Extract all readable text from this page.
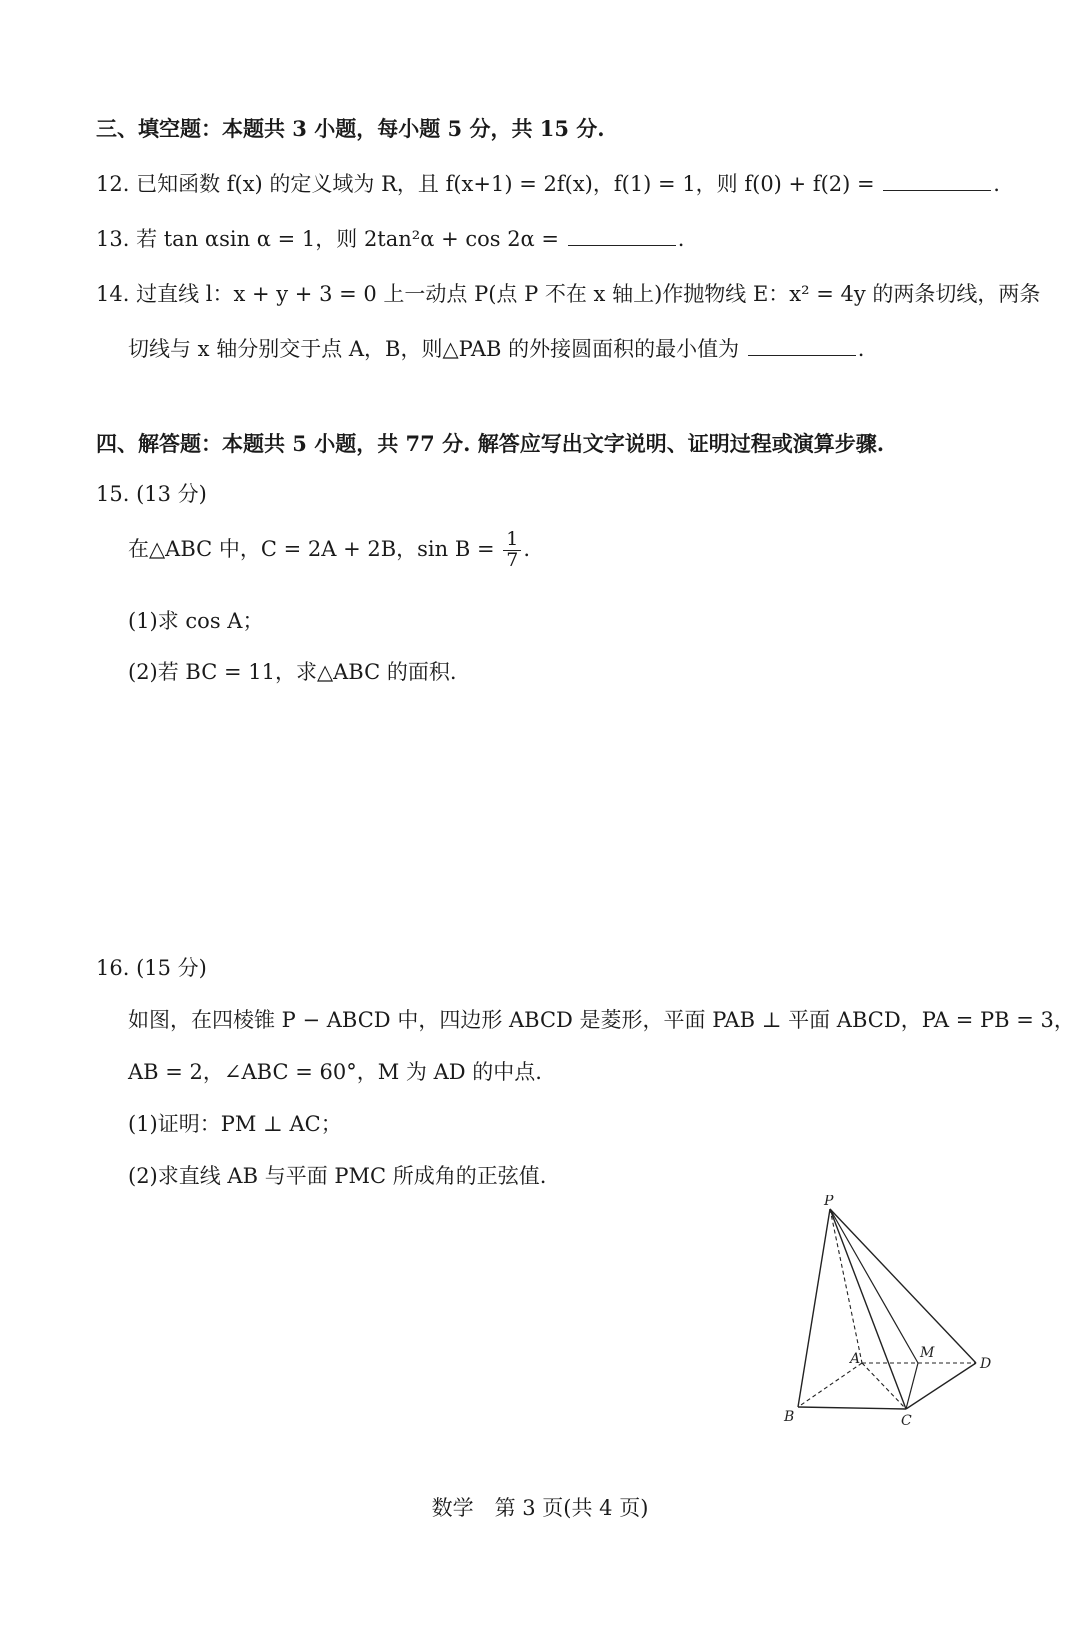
三、填空题：本题共 3 小题，每小题 5 分，共 15 分.
12. 已知函数 f(x) 的定义域为 R，且 f(x+1) = 2f(x)，f(1) = 1，则 f(0) + f(2) =	.
13. 若 tan αsin α = 1，则 2tan²α + cos 2α =	.
14. 过直线 l：x + y + 3 = 0 上一动点 P(点 P 不在 x 轴上)作抛物线 E：x² = 4y 的两条切线，两条
切线与 x 轴分别交于点 A，B，则△PAB 的外接圆面积的最小值为	.
四、解答题：本题共 5 小题，共 77 分. 解答应写出文字说明、证明过程或演算步骤.
15. (13 分)
在△ABC 中，C = 2A + 2B，$\sin B = \frac{1}{7}$ .
(1)求 cos A；
(2)若 BC = 11，求△ABC 的面积.
16. (15 分)
如图，在四棱锥 P − ABCD 中，四边形 ABCD 是菱形，平面 PAB ⊥ 平面 ABCD，PA = PB = 3，
AB = 2，∠ABC = 60°，M 为 AD 的中点.
(1)证明：PM ⊥ AC；
(2)求直线 AB 与平面 PMC 所成角的正弦值.
P
A
B	C
D
M
数学　第 3 页(共 4 页)
